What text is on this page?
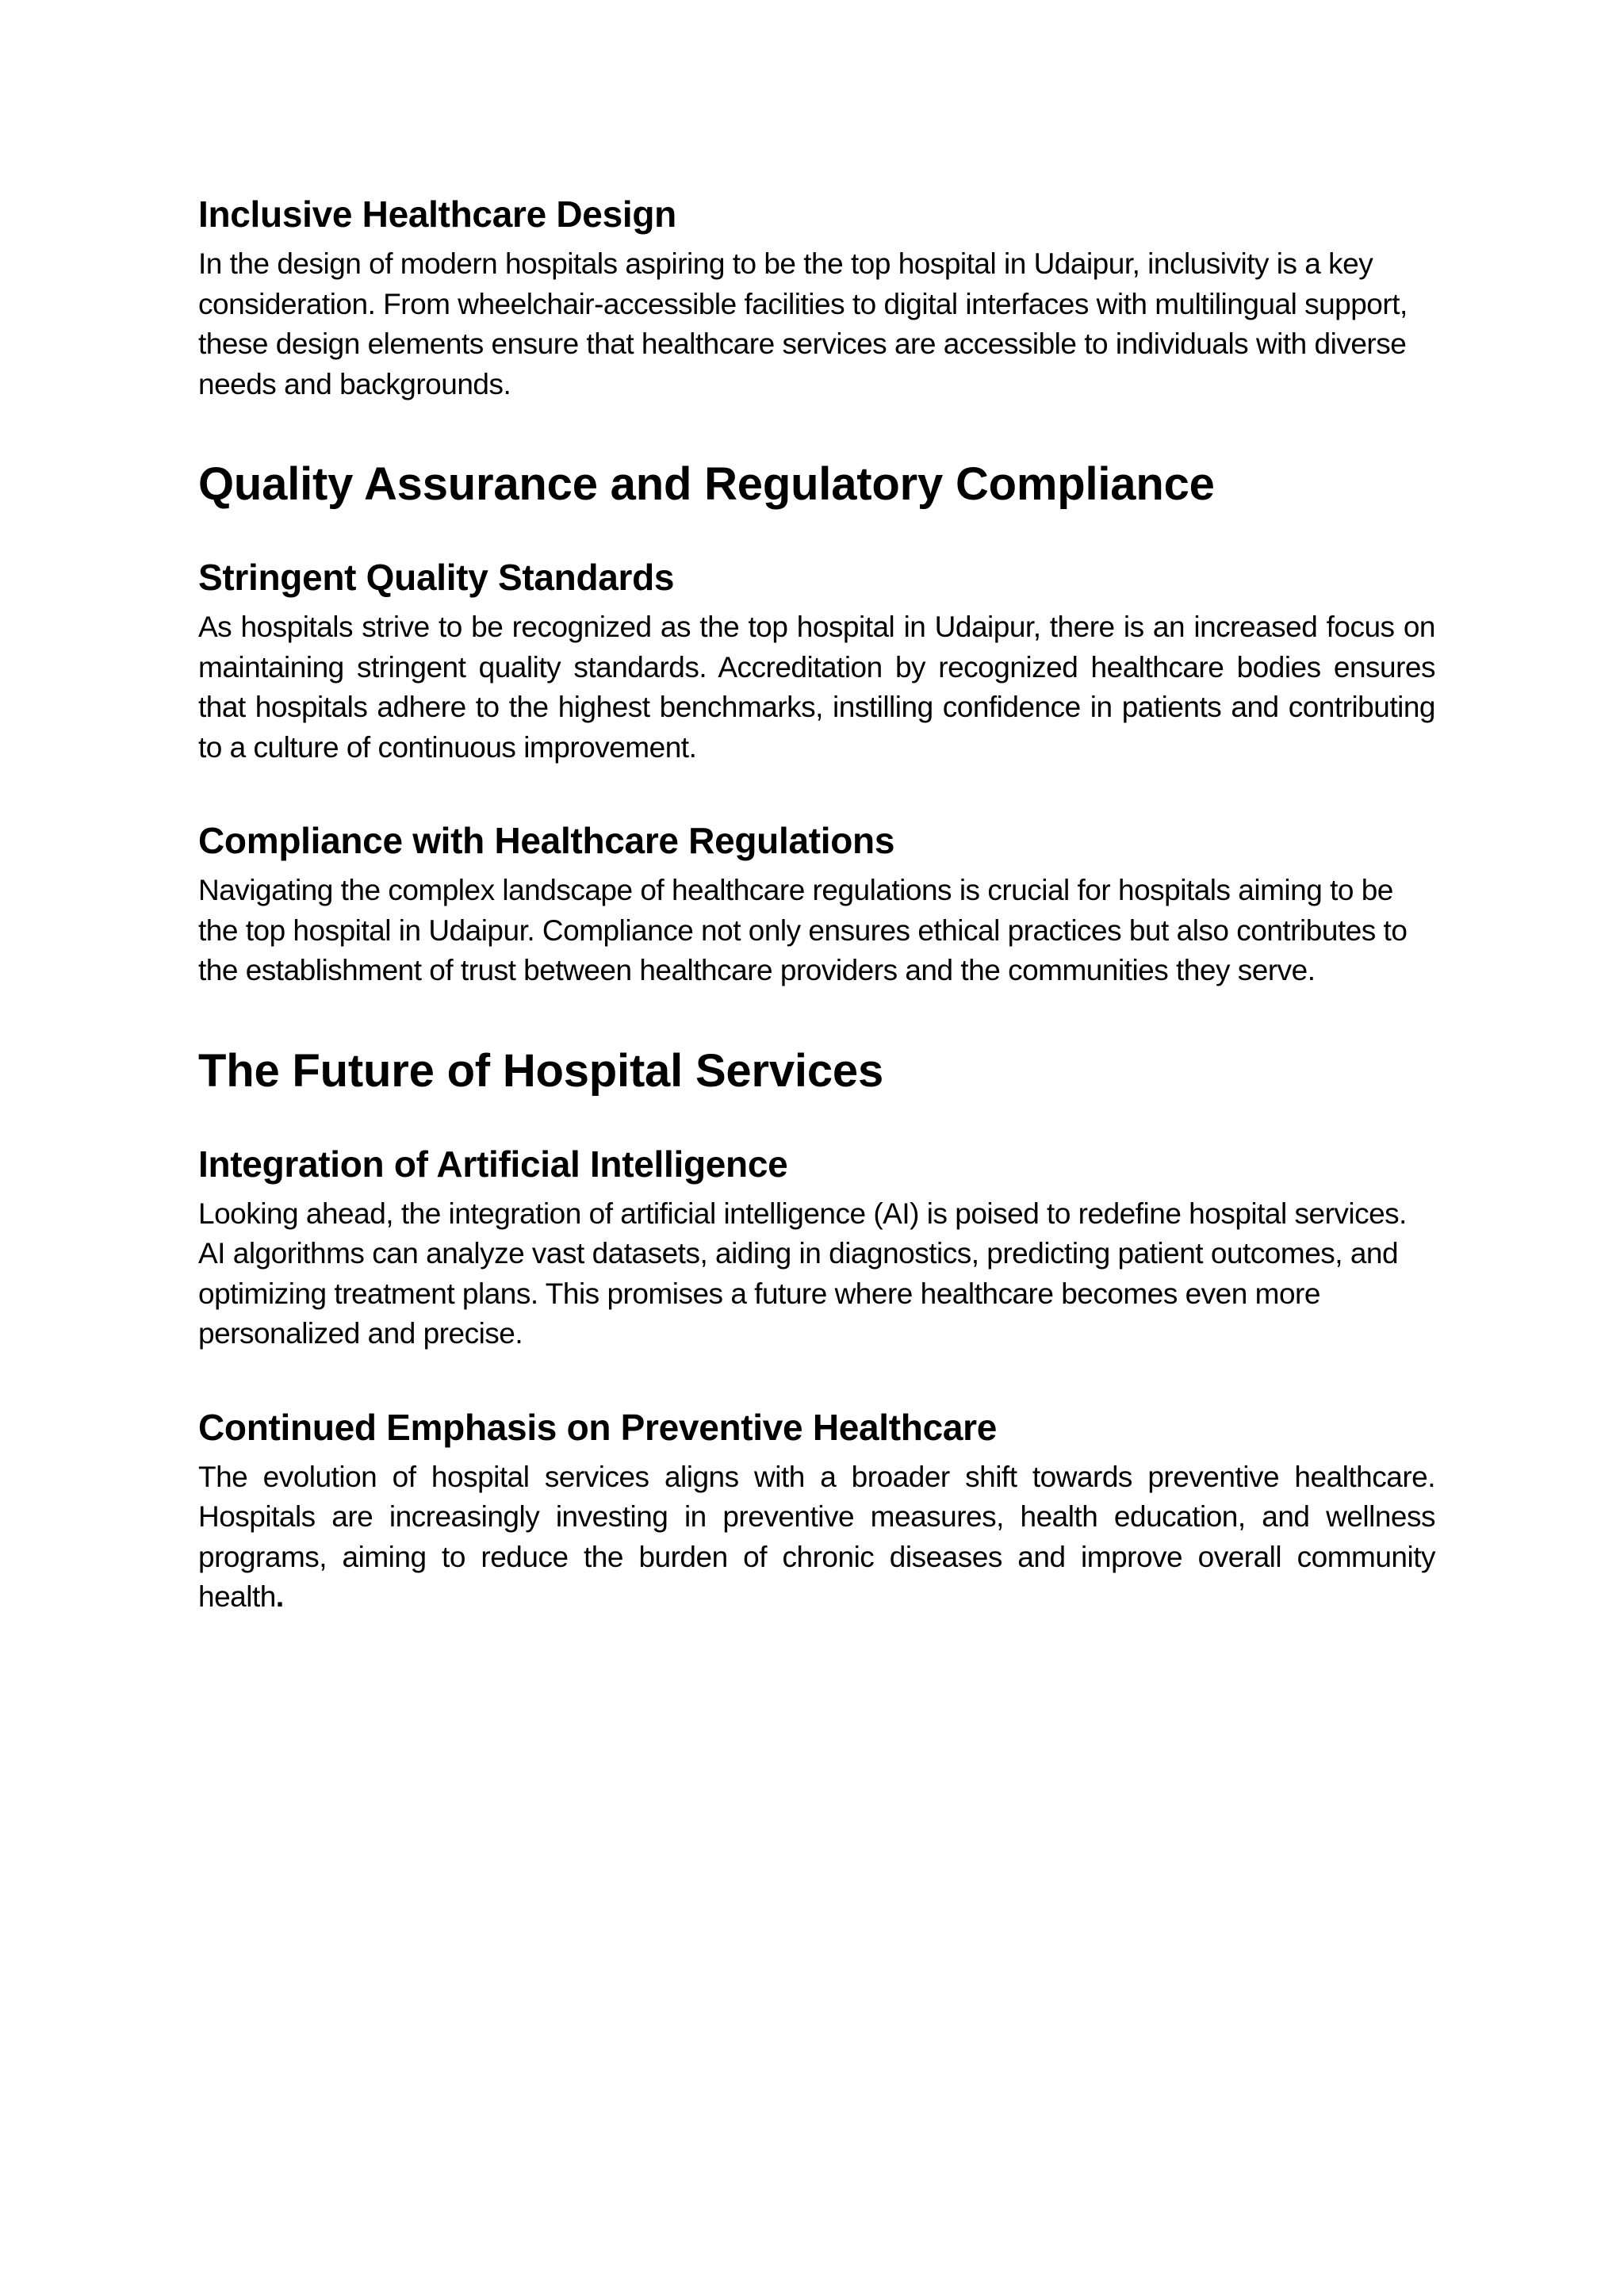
Inclusive Healthcare Design

In the design of modern hospitals aspiring to be the top hospital in Udaipur, inclusivity is a key consideration. From wheelchair-accessible facilities to digital interfaces with multilingual support, these design elements ensure that healthcare services are accessible to individuals with diverse needs and backgrounds.

Quality Assurance and Regulatory Compliance
Stringent Quality Standards

As hospitals strive to be recognized as the top hospital in Udaipur, there is an increased focus on maintaining stringent quality standards. Accreditation by recognized healthcare bodies ensures that hospitals adhere to the highest benchmarks, instilling confidence in patients and contributing to a culture of continuous improvement.

Compliance with Healthcare Regulations

Navigating the complex landscape of healthcare regulations is crucial for hospitals aiming to be the top hospital in Udaipur. Compliance not only ensures ethical practices but also contributes to the establishment of trust between healthcare providers and the communities they serve.

The Future of Hospital Services
Integration of Artificial Intelligence

Looking ahead, the integration of artificial intelligence (AI) is poised to redefine hospital services. AI algorithms can analyze vast datasets, aiding in diagnostics, predicting patient outcomes, and optimizing treatment plans. This promises a future where healthcare becomes even more personalized and precise.

Continued Emphasis on Preventive Healthcare

The evolution of hospital services aligns with a broader shift towards preventive healthcare. Hospitals are increasingly investing in preventive measures, health education, and wellness programs, aiming to reduce the burden of chronic diseases and improve overall community health.
